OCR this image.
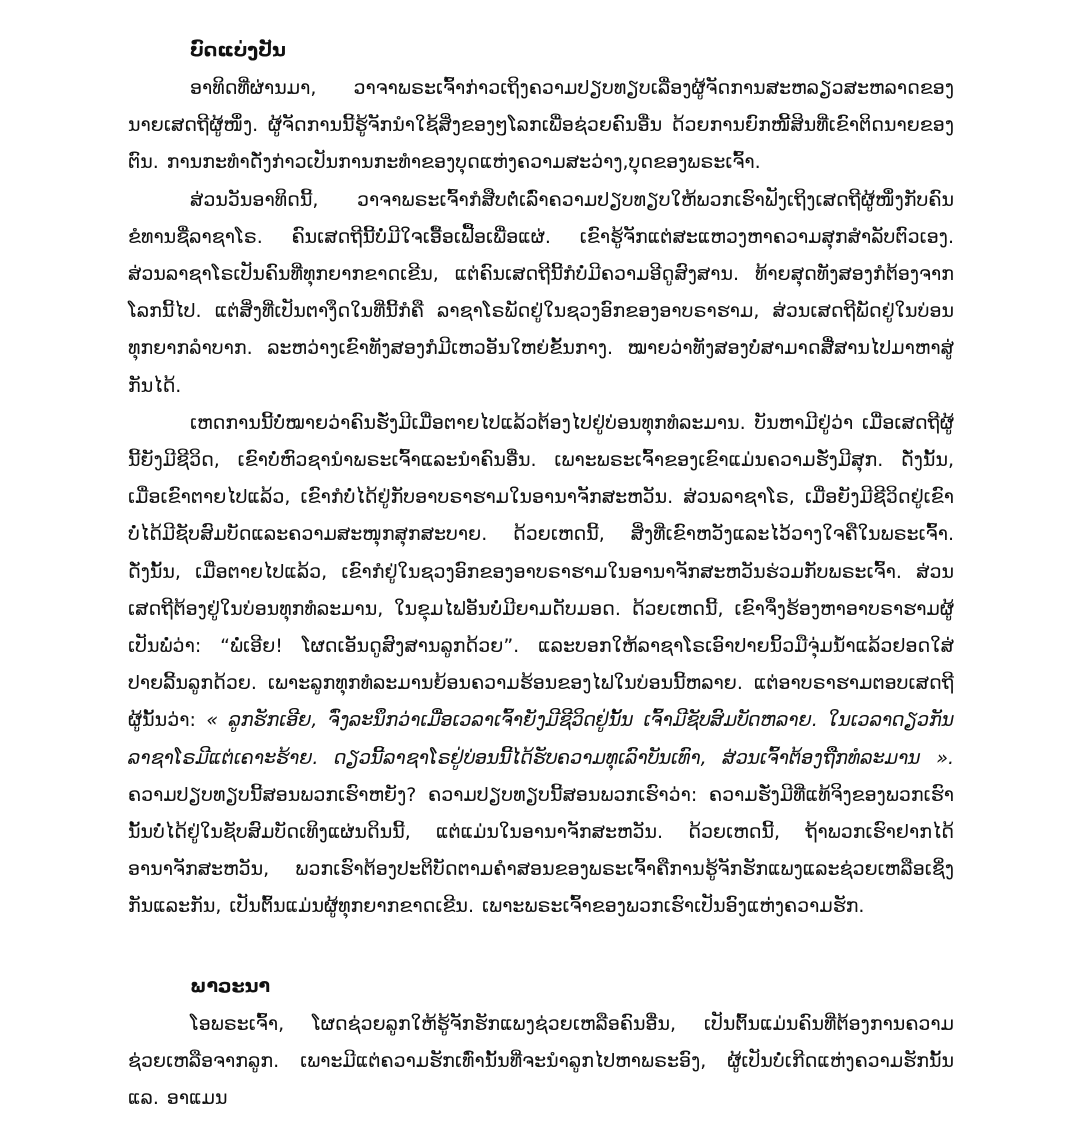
ບົດແບ່ງປັນ

ອາທິດທີ່ຜ່ານມາ, ວາຈາພຣະເຈົ້າກ່າວເຖິງຄວາມປຽບທຽບເລື່ອງຜູ້ຈັດການສະຫລຽວສະຫລາດຂອງນາຍເສດຖີຜູ້ໜຶ່ງ. ຜູ້ຈັດການນີ້ຮູ້ຈັກນຳໃຊ້ສິ່ງຂອງໆໂລກເພື່ອຊ່ວຍຄົນອື່ນ ດ້ວຍການຍົກໜີ້ສິນທີ່ເຂົາຕິດນາຍຂອງຕົນ. ການກະທຳດັ່ງກ່າວເປັນການກະທຳຂອງບຸດແຫ່ງຄວາມສະວ່າງ,ບຸດຂອງພຣະເຈົ້າ.

ສ່ວນວັນອາທິດນີ້, ວາຈາພຣະເຈົ້າກໍສືບຕໍ່ເລົ່າຄວາມປຽບທຽບໃຫ້ພວກເຮົາຟັງເຖິງເສດຖີຜູ້ໜຶ່ງກັບຄົນຂໍທານຊື່ລາຊາໂຣ. ຄົນເສດຖີນີ້ບໍ່ມີໃຈເອື້ອເຟື້ອເພື່ອແຜ່. ເຂົາຮູ້ຈັກແຕ່ສະແຫວງຫາຄວາມສຸກສຳລັບຕົວເອງ. ສ່ວນລາຊາໂຣເປັນຄົນທີ່ທຸກຍາກຂາດເຂີນ, ແຕ່ຄົນເສດຖີນີ້ກໍບໍ່ມີຄວາມອີດູສົງສານ. ທ້າຍສຸດທັງສອງກໍຕ້ອງຈາກໂລກນີ້ໄປ. ແຕ່ສິ່ງທີ່ເປັນຕາງຶດໃນທີ່ນີ້ກໍຄື ລາຊາໂຣພັດຢູ່ໃນຊວງອົກຂອງອາບຣາຮາມ, ສ່ວນເສດຖີພັດຢູ່ໃນບ່ອນທຸກຍາກລຳບາກ. ລະຫວ່າງເຂົາທັງສອງກໍມີເຫວອັນໃຫຍ່ຂັ້ນກາງ. ໝາຍວ່າທັງສອງບໍ່ສາມາດສື່ສານໄປມາຫາສູ່ກັນໄດ້.

ເຫດການນີ້ບໍ່ໝາຍວ່າຄົນຮັ່ງມີເມື່ອຕາຍໄປແລ້ວຕ້ອງໄປຢູ່ບ່ອນທຸກທໍລະມານ. ບັນຫາມີຢູ່ວ່າ ເມື່ອເສດຖີຜູ້ນີ້ຍັງມີຊີວິດ, ເຂົາບໍ່ຫົວຊານຳພຣະເຈົ້າແລະນຳຄົນອື່ນ. ເພາະພຣະເຈົ້າຂອງເຂົາແມ່ນຄວາມຮັ່ງມີສຸກ. ດັ່ງນັ້ນ, ເມື່ອເຂົາຕາຍໄປແລ້ວ, ເຂົາກໍບໍ່ໄດ້ຢູ່ກັບອາບຣາຮາມໃນອານາຈັກສະຫວັນ. ສ່ວນລາຊາໂຣ, ເມື່ອຍັງມີຊີວິດຢູ່ເຂົາບໍ່ໄດ້ມີຊັບສົມບັດແລະຄວາມສະໜຸກສຸກສະບາຍ. ດ້ວຍເຫດນີ້, ສິ່ງທີ່ເຂົາຫວັງແລະໄວ້ວາງໃຈຄືໃນພຣະເຈົ້າ. ດັ່ງນັ້ນ, ເມື່ອຕາຍໄປແລ້ວ, ເຂົາກໍຢູ່ໃນຊວງອົກຂອງອາບຣາຮາມໃນອານາຈັກສະຫວັນຮ່ວມກັບພຣະເຈົ້າ. ສ່ວນເສດຖີຕ້ອງຢູ່ໃນບ່ອນທຸກທໍລະມານ, ໃນຂຸມໄຟອັນບໍ່ມີຍາມດັບມອດ. ດ້ວຍເຫດນີ້, ເຂົາຈຶ່ງຮ້ອງຫາອາບຣາຮາມຜູ້ເປັນພໍ່ວ່າ: “ພໍ່ເອີຍ! ໂຜດເອັນດູສົງສານລູກດ້ວຍ”. ແລະບອກໃຫ້ລາຊາໂຣເອົາປາຍນິ້ວມືຈຸ່ມນ້ຳແລ້ວຢອດໃສ່ປາຍລີ້ນລູກດ້ວຍ. ເພາະລູກທຸກທໍລະມານຍ້ອນຄວາມຮ້ອນຂອງໄຟໃນບ່ອນນີ້ຫລາຍ. ແຕ່ອາບຣາຮາມຕອບເສດຖີຜູ້ນັ້ນວ່າ: « ລູກຮັກເອີຍ, ຈົ່ງລະນຶກວ່າເມື່ອເວລາເຈົ້າຍັງມີຊີວິດຢູ່ນັ້ນ ເຈົ້າມີຊັບສົມບັດຫລາຍ. ໃນເວລາດຽວກັນລາຊາໂຣມີແຕ່ເຄາະຮ້າຍ. ດຽວນີ້ລາຊາໂຣຢູ່ບ່ອນນີ້ໄດ້ຮັບຄວາມທຸເລົາບັນເທົາ, ສ່ວນເຈົ້າຕ້ອງຖືກທໍລະມານ ». ຄວາມປຽບທຽບນີ້ສອນພວກເຮົາຫຍັງ? ຄວາມປຽບທຽບນີ້ສອນພວກເຮົາວ່າ: ຄວາມຮັ່ງມີທີ່ແທ້ຈິງຂອງພວກເຮົານັ້ນບໍ່ໄດ້ຢູ່ໃນຊັບສົມບັດເທິງແຜ່ນດິນນີ້, ແຕ່ແມ່ນໃນອານາຈັກສະຫວັນ. ດ້ວຍເຫດນີ້, ຖ້າພວກເຮົາຢາກໄດ້ອານາຈັກສະຫວັນ, ພວກເຮົາຕ້ອງປະຕິບັດຕາມຄຳສອນຂອງພຣະເຈົ້າຄືການຮູ້ຈັກຮັກແພງແລະຊ່ວຍເຫລືອເຊິ່ງກັນແລະກັນ, ເປັນຕົ້ນແມ່ນຜູ້ທຸກຍາກຂາດເຂີນ. ເພາະພຣະເຈົ້າຂອງພວກເຮົາເປັນອົງແຫ່ງຄວາມຮັກ.

ພາວະນາ

ໂອພຣະເຈົ້າ, ໂຜດຊ່ວຍລູກໃຫ້ຮູ້ຈັກຮັກແພງຊ່ວຍເຫລືອຄົນອື່ນ, ເປັນຕົ້ນແມ່ນຄົນທີ່ຕ້ອງການຄວາມຊ່ວຍເຫລືອຈາກລູກ. ເພາະມີແຕ່ຄວາມຮັກເທົ່ານັ້ນທີ່ຈະນຳລູກໄປຫາພຣະອົງ, ຜູ້ເປັນບໍ່ເກີດແຫ່ງຄວາມຮັກນັ້ນແລ. ອາແມນ
